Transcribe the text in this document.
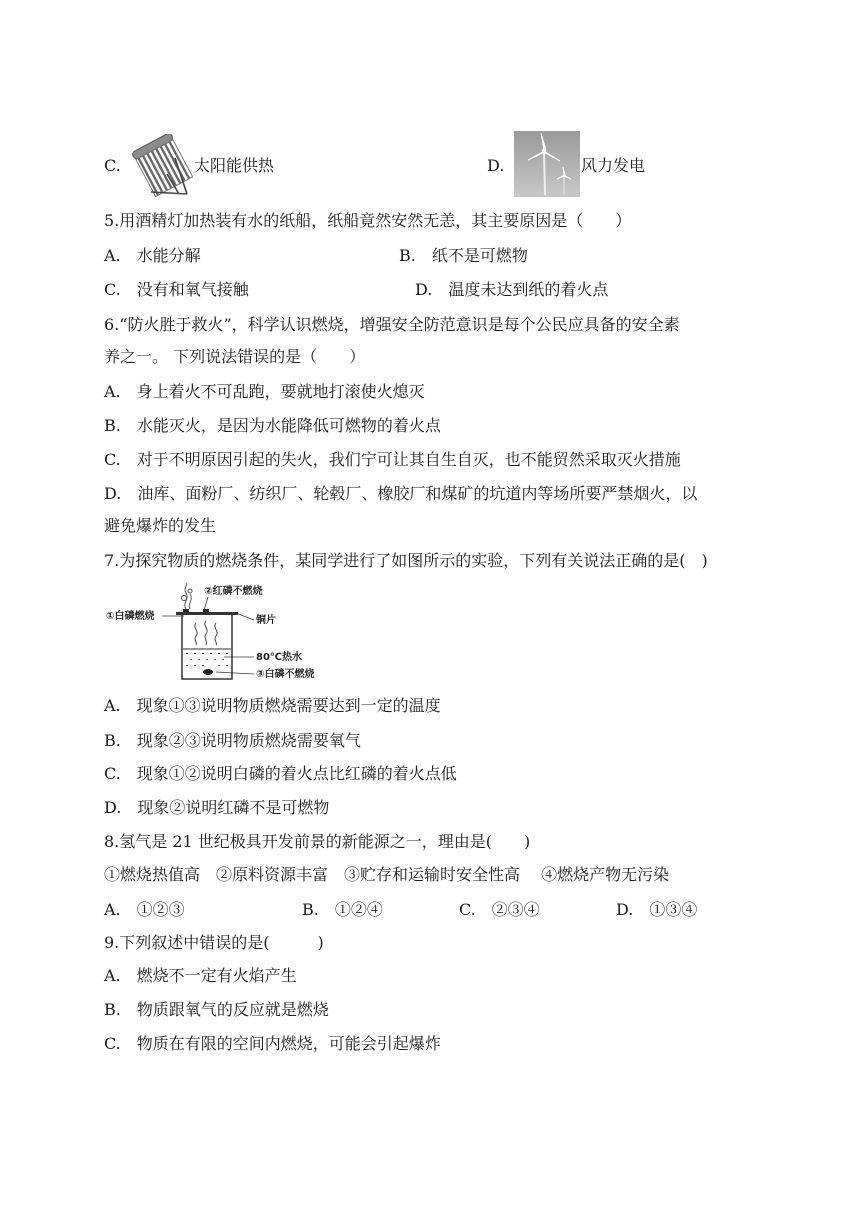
C.	太阳能供热	D.	风力发电
5.用酒精灯加热装有水的纸船，纸船竟然安然无恙，其主要原因是（　　）
A.　水能分解	B.　纸不是可燃物
C.　没有和氧气接触	D.　温度未达到纸的着火点
6.“防火胜于救火”，科学认识燃烧，增强安全防范意识是每个公民应具备的安全素
养之一。 下列说法错误的是（　　）
A.　身上着火不可乱跑，要就地打滚使火熄灭
B.　水能灭火，是因为水能降低可燃物的着火点
C.　对于不明原因引起的失火，我们宁可让其自生自灭，也不能贸然采取灭火措施
D.　油库、面粉厂、纺织厂、轮毂厂、橡胶厂和煤矿的坑道内等场所要严禁烟火，以
避免爆炸的发生
7.为探究物质的燃烧条件，某同学进行了如图所示的实验，下列有关说法正确的是(　)
②红磷不燃烧
①白磷燃烧	铜片
80℃热水
③白磷不燃烧
A.　现象①③说明物质燃烧需要达到一定的温度
B.　现象②③说明物质燃烧需要氧气
C.　现象①②说明白磷的着火点比红磷的着火点低
D.　现象②说明红磷不是可燃物
8.氢气是 21 世纪极具开发前景的新能源之一，理由是(　　)
①燃烧热值高　②原料资源丰富　③贮存和运输时安全性高　 ④燃烧产物无污染
A.　①②③	B.　①②④	C.　②③④	D.　①③④
9.下列叙述中错误的是(　　　)
A.　燃烧不一定有火焰产生
B.　物质跟氧气的反应就是燃烧
C.　物质在有限的空间内燃烧，可能会引起爆炸
